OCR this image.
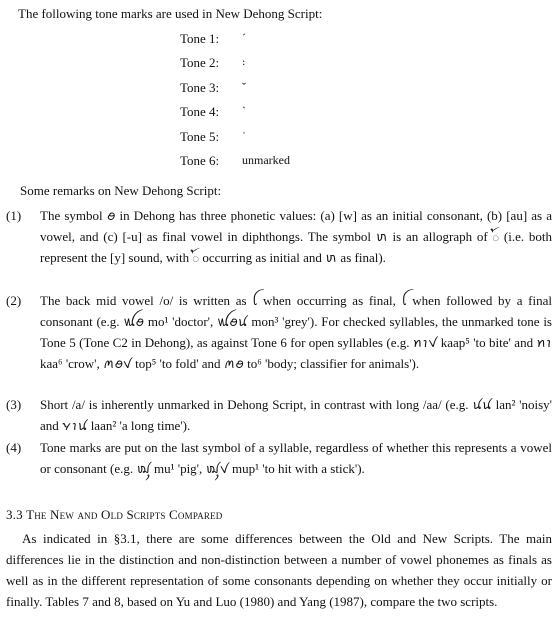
The following tone marks are used in New Dehong Script:
Tone 1:	ˊ
Tone 2:	꞉
Tone 3:	ˇ
Tone 4:	ˋ
Tone 5:	˙
Tone 6:	unmarked
Some remarks on New Dehong Script:
(1)	The symbol ꪮ in Dehong has three phonetic values: (a) [w] as an initial consonant, (b) [au] as a vowel, and (c) [-u] as final vowel in diphthongs. The symbol ꪬ is an allograph of ꪳ (i.e. both represent the [y] sound, with ꪳ occurring as initial and ꪬ as final).
(2)	The back mid vowel /o/ is written as ꪶ when occurring as final, ꪶ when followed by a final consonant (e.g. ꪡꪮ mo¹ 'doctor', ꪡꪮꪙ mon³ 'grey'). For checked syllables, the unmarked tone is Tone 5 (Tone C2 in Dehong), as against Tone 6 for open syllables (e.g. ꪀꪱꪚ kaap⁵ 'to bite' and ꪀꪱ kaa⁶ 'crow', ꪔꪮꪚ top⁵ 'to fold' and ꪔꪮ to⁶ 'body; classifier for animals').
(3)	Short /a/ is inherently unmarked in Dehong Script, in contrast with long /aa/ (e.g. ꪙꪙ lan² 'noisy' and ꪩꪱꪙ laan² 'a long time').
(4)	Tone marks are put on the last symbol of a syllable, regardless of whether this represents a vowel or consonant (e.g. ꪢꪴ mu¹ 'pig', ꪢꪴꪚ mup¹ 'to hit with a stick').
3.3 The New and Old Scripts Compared
As indicated in §3.1, there are some differences between the Old and New Scripts. The main differences lie in the distinction and non-distinction between a number of vowel phonemes as finals as well as in the different representation of some consonants depending on whether they occur initially or finally. Tables 7 and 8, based on Yu and Luo (1980) and Yang (1987), compare the two scripts.
